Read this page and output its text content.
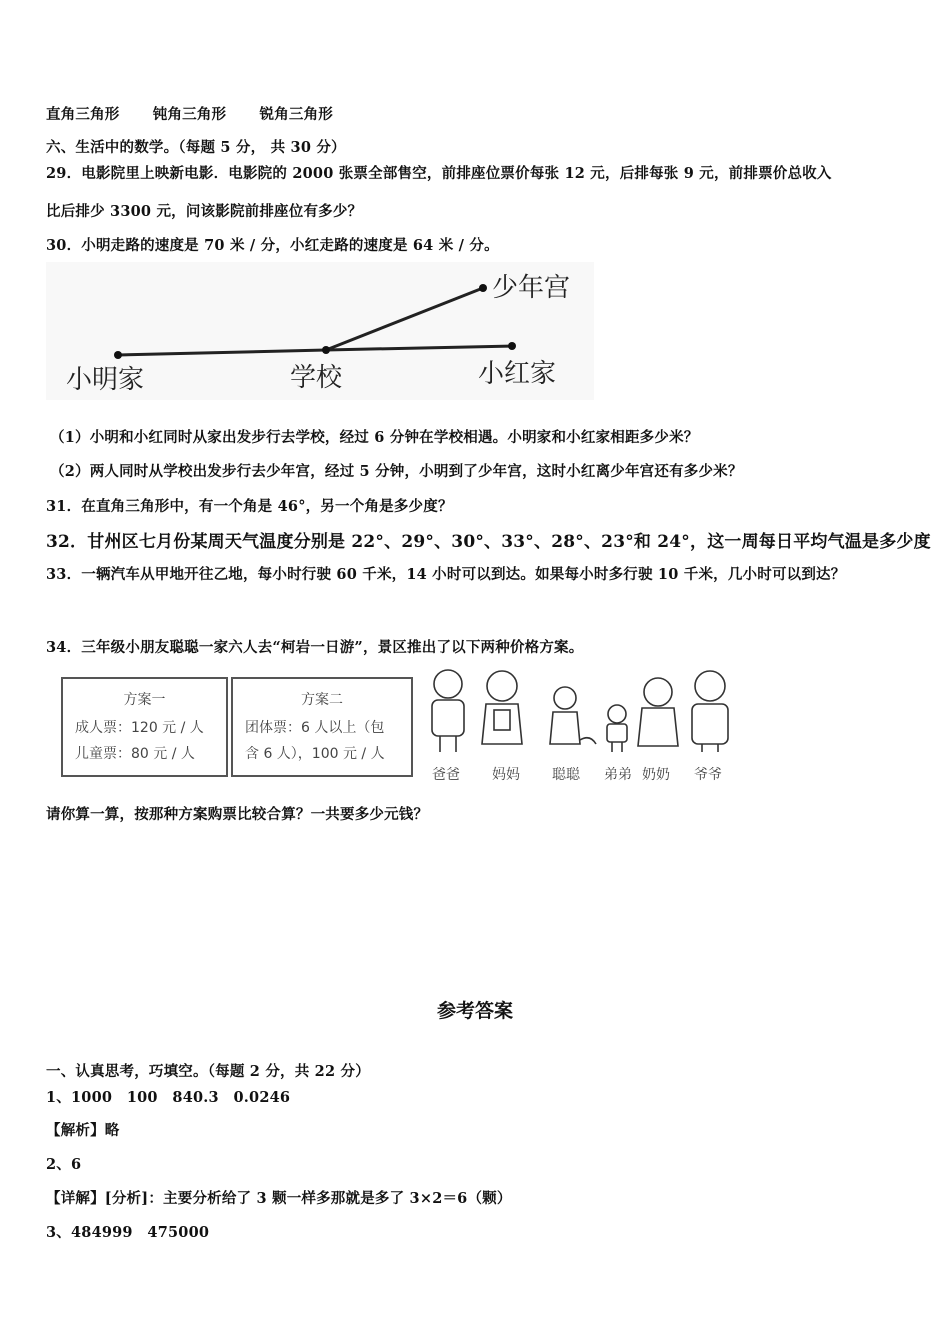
直角三角形 钝角三角形 锐角三角形
六、生活中的数学。（每题 5 分， 共 30 分）
29．电影院里上映新电影．电影院的 2000 张票全部售空，前排座位票价每张 12 元，后排每张 9 元，前排票价总收入
比后排少 3300 元，问该影院前排座位有多少？
30．小明走路的速度是 70 米 / 分，小红走路的速度是 64 米 / 分。
小明家	学校	小红家
少年宫
（1）小明和小红同时从家出发步行去学校，经过 6 分钟在学校相遇。小明家和小红家相距多少米？
（2）两人同时从学校出发步行去少年宫，经过 5 分钟，小明到了少年宫，这时小红离少年宫还有多少米？
31．在直角三角形中，有一个角是 46°，另一个角是多少度？
32．甘州区七月份某周天气温度分别是 22°、29°、30°、33°、28°、23°和 24°，这一周每日平均气温是多少度
33．一辆汽车从甲地开往乙地，每小时行驶 60 千米，14 小时可以到达。如果每小时多行驶 10 千米，几小时可以到达？
34．三年级小朋友聪聪一家六人去“柯岩一日游”，景区推出了以下两种价格方案。
方案一
成人票：120 元 / 人
儿童票：80 元 / 人
方案二
团体票：6 人以上（包
含 6 人），100 元 / 人
爸爸 妈妈 聪聪 弟弟 奶奶 爷爷
请你算一算，按那种方案购票比较合算？一共要多少元钱？
参考答案
一、认真思考，巧填空。（每题 2 分，共 22 分）
1、1000　100　840.3　0.0246
【解析】略
2、6
【详解】[分析]：主要分析给了 3 颗一样多那就是多了 3×2＝6（颗）
3、484999　475000
